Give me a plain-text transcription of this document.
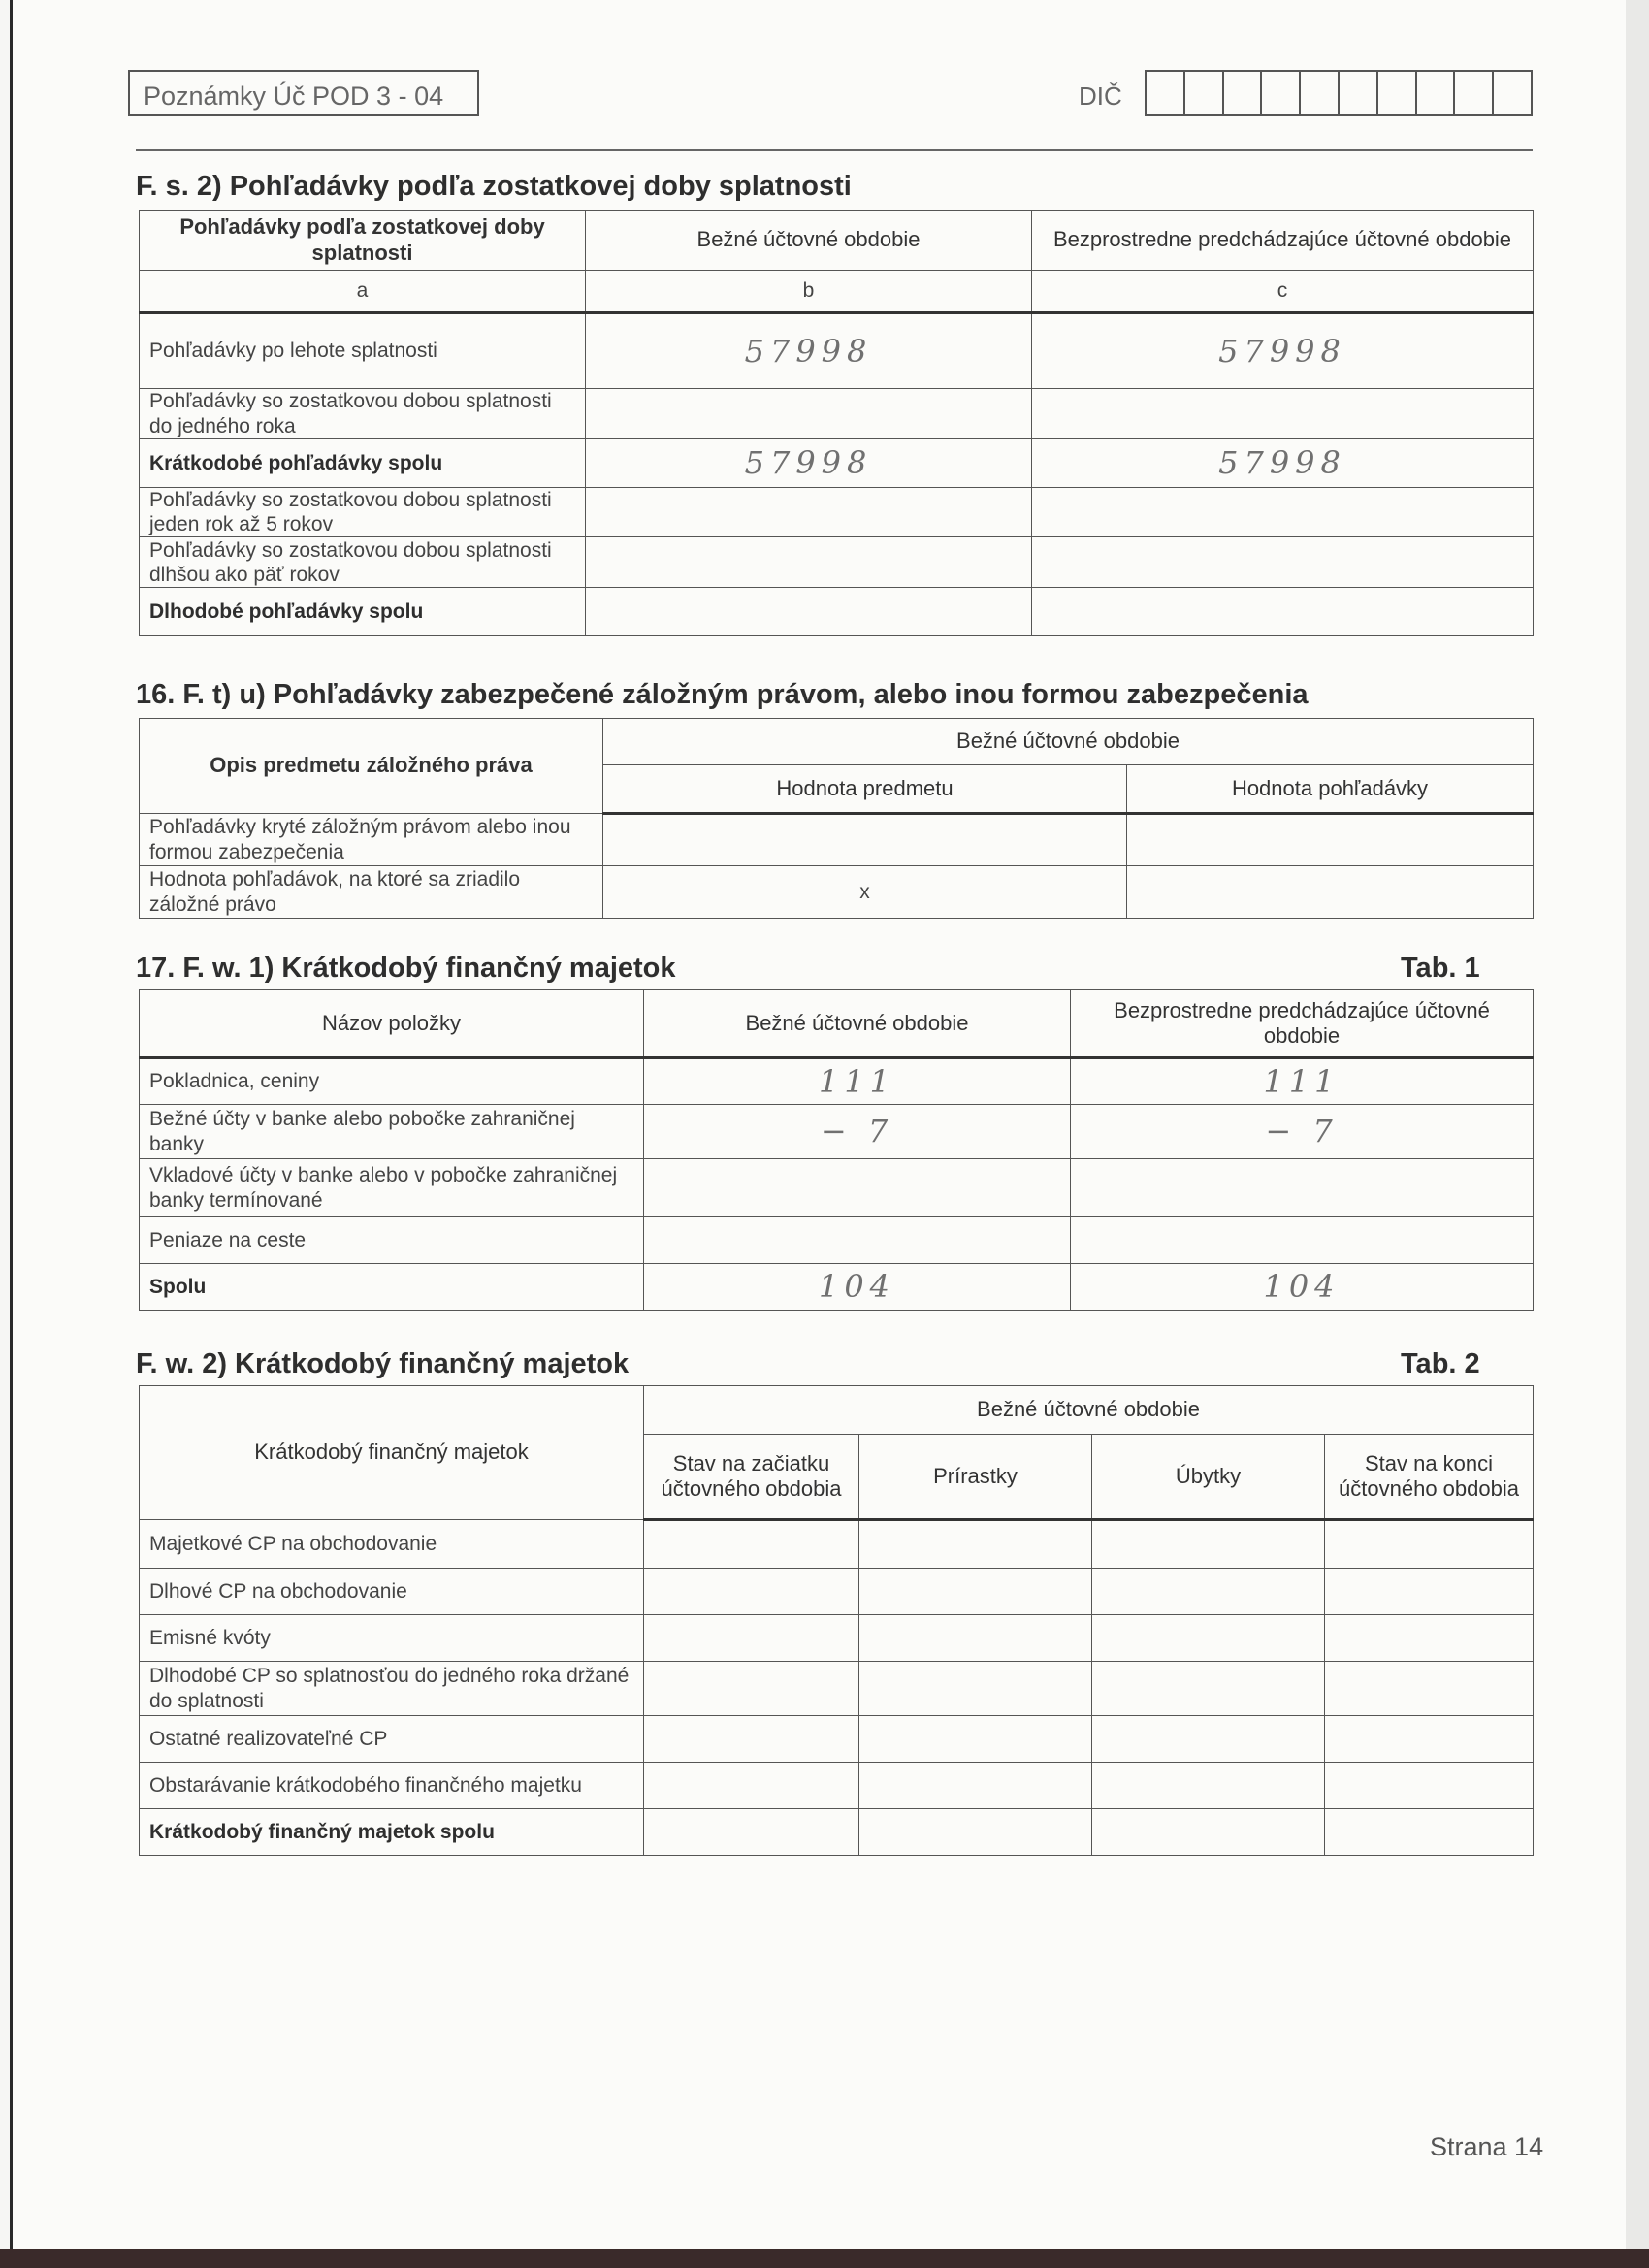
Poznámky Úč POD 3 - 04	DIČ
F. s. 2) Pohľadávky podľa zostatkovej doby splatnosti
Pohľadávky podľa zostatkovej doby splatnosti	Bežné účtovné obdobie	Bezprostredne predchádzajúce účtovné obdobie
a	b	c
Pohľadávky po lehote splatnosti	57998	57998
Pohľadávky so zostatkovou dobou splatnosti do jedného roka		
Krátkodobé pohľadávky spolu	57998	57998
Pohľadávky so zostatkovou dobou splatnosti jeden rok až 5 rokov		
Pohľadávky so zostatkovou dobou splatnosti dlhšou ako päť rokov		
Dlhodobé pohľadávky spolu		
16. F. t) u) Pohľadávky zabezpečené záložným právom, alebo inou formou zabezpečenia
Opis predmetu záložného práva	Bežné účtovné obdobie	
	Hodnota predmetu	Hodnota pohľadávky
Pohľadávky kryté záložným právom alebo inou formou zabezpečenia		
Hodnota pohľadávok, na ktoré sa zriadilo záložné právo	x	
17. F. w. 1) Krátkodobý finančný majetok	Tab. 1
Názov položky	Bežné účtovné obdobie	Bezprostredne predchádzajúce účtovné obdobie
Pokladnica, ceniny	111	111
Bežné účty v banke alebo pobočke zahraničnej banky	− 7	− 7
Vkladové účty v banke alebo v pobočke zahraničnej banky termínované		
Peniaze na ceste		
Spolu	104	104
F. w. 2) Krátkodobý finančný majetok	Tab. 2
Krátkodobý finančný majetok	Bežné účtovné obdobie			
	Stav na začiatku účtovného obdobia	Prírastky	Úbytky	Stav na konci účtovného obdobia
Majetkové CP na obchodovanie				
Dlhové CP na obchodovanie				
Emisné kvóty				
Dlhodobé CP so splatnosťou do jedného roka držané do splatnosti				
Ostatné realizovateľné CP				
Obstarávanie krátkodobého finančného majetku				
Krátkodobý finančný majetok spolu				
Strana 14
